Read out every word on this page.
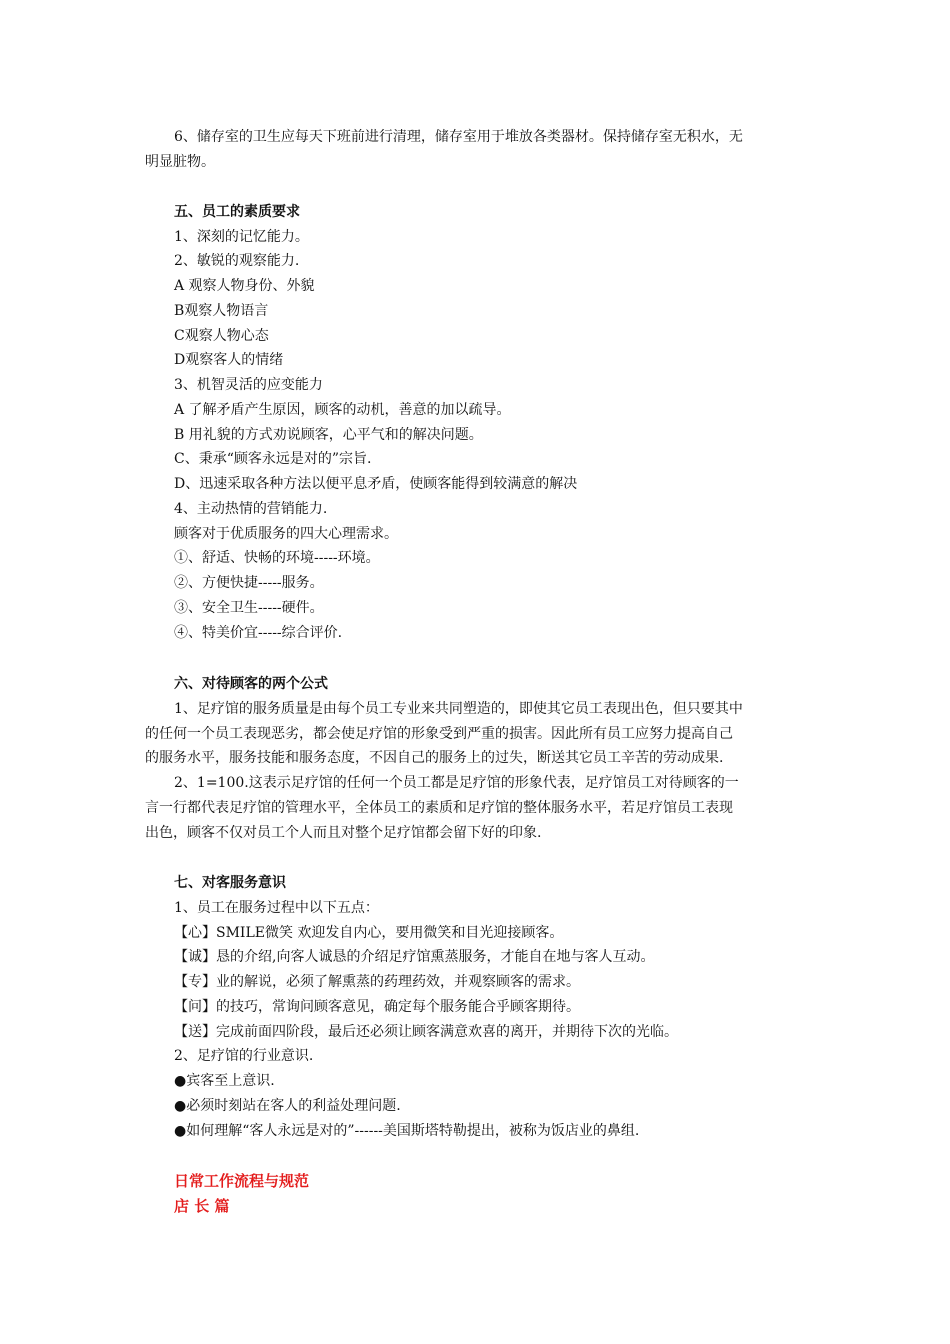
6、储存室的卫生应每天下班前进行清理，储存室用于堆放各类器材。保持储存室无积水，无
明显脏物。
五、员工的素质要求
1、深刻的记忆能力。
2、敏锐的观察能力.
A 观察人物身份、外貌
B观察人物语言
C观察人物心态
D观察客人的情绪
3、机智灵活的应变能力
A 了解矛盾产生原因，顾客的动机，善意的加以疏导。
B 用礼貌的方式劝说顾客，心平气和的解决问题。
C、秉承“顾客永远是对的”宗旨.
D、迅速采取各种方法以便平息矛盾，使顾客能得到较满意的解决
4、主动热情的营销能力.
顾客对于优质服务的四大心理需求。
①、舒适、快畅的环境-----环境。
②、方便快捷-----服务。
③、安全卫生-----硬件。
④、特美价宜-----综合评价.
六、对待顾客的两个公式
1、足疗馆的服务质量是由每个员工专业来共同塑造的，即使其它员工表现出色，但只要其中
的任何一个员工表现恶劣，都会使足疗馆的形象受到严重的损害。因此所有员工应努力提高自己
的服务水平，服务技能和服务态度，不因自己的服务上的过失，断送其它员工辛苦的劳动成果.
2、1=100.这表示足疗馆的任何一个员工都是足疗馆的形象代表，足疗馆员工对待顾客的一
言一行都代表足疗馆的管理水平，全体员工的素质和足疗馆的整体服务水平，若足疗馆员工表现
出色，顾客不仅对员工个人而且对整个足疗馆都会留下好的印象.
七、对客服务意识
1、员工在服务过程中以下五点：
【心】SMILE微笑 欢迎发自内心，要用微笑和目光迎接顾客。
【诚】恳的介绍,向客人诚恳的介绍足疗馆熏蒸服务，才能自在地与客人互动。
【专】业的解说，必须了解熏蒸的药理药效，并观察顾客的需求。
【问】的技巧，常询问顾客意见，确定每个服务能合乎顾客期待。
【送】完成前面四阶段，最后还必须让顾客满意欢喜的离开，并期待下次的光临。
2、足疗馆的行业意识.
●宾客至上意识.
●必须时刻站在客人的利益处理问题.
●如何理解“客人永远是对的”------美国斯塔特勒提出，被称为饭店业的鼻组.
日常工作流程与规范
店 长 篇
